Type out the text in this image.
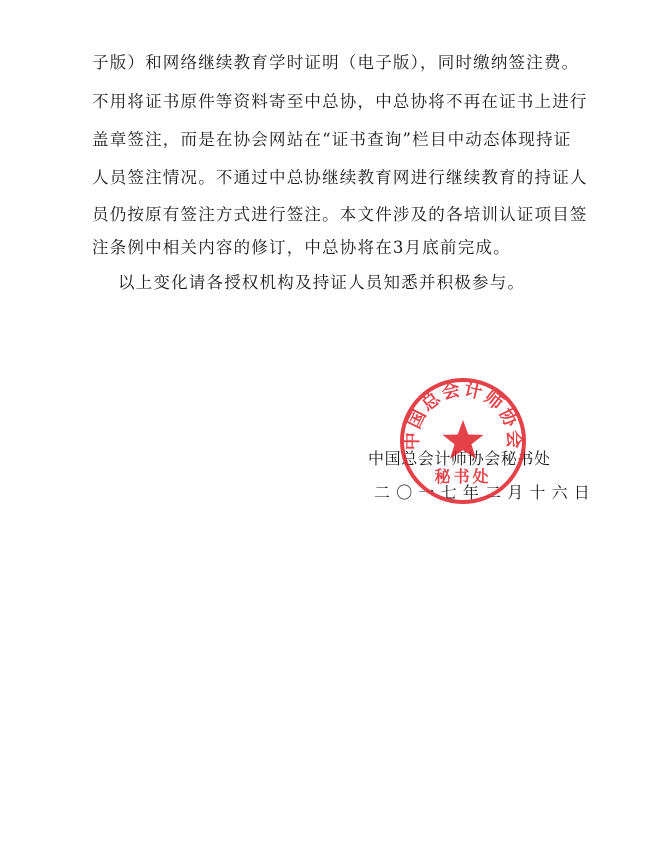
子版）和网络继续教育学时证明（电子版），同时缴纳签注费。
不用将证书原件等资料寄至中总协，中总协将不再在证书上进行
盖章签注，而是在协会网站在“证书查询”栏目中动态体现持证
人员签注情况。不通过中总协继续教育网进行继续教育的持证人
员仍按原有签注方式进行签注。本文件涉及的各培训认证项目签
注条例中相关内容的修订，中总协将在3月底前完成。
以上变化请各授权机构及持证人员知悉并积极参与。
中国总会计师协会秘书处
二〇一七年二月十六日
中国总会计师协会
秘书处
